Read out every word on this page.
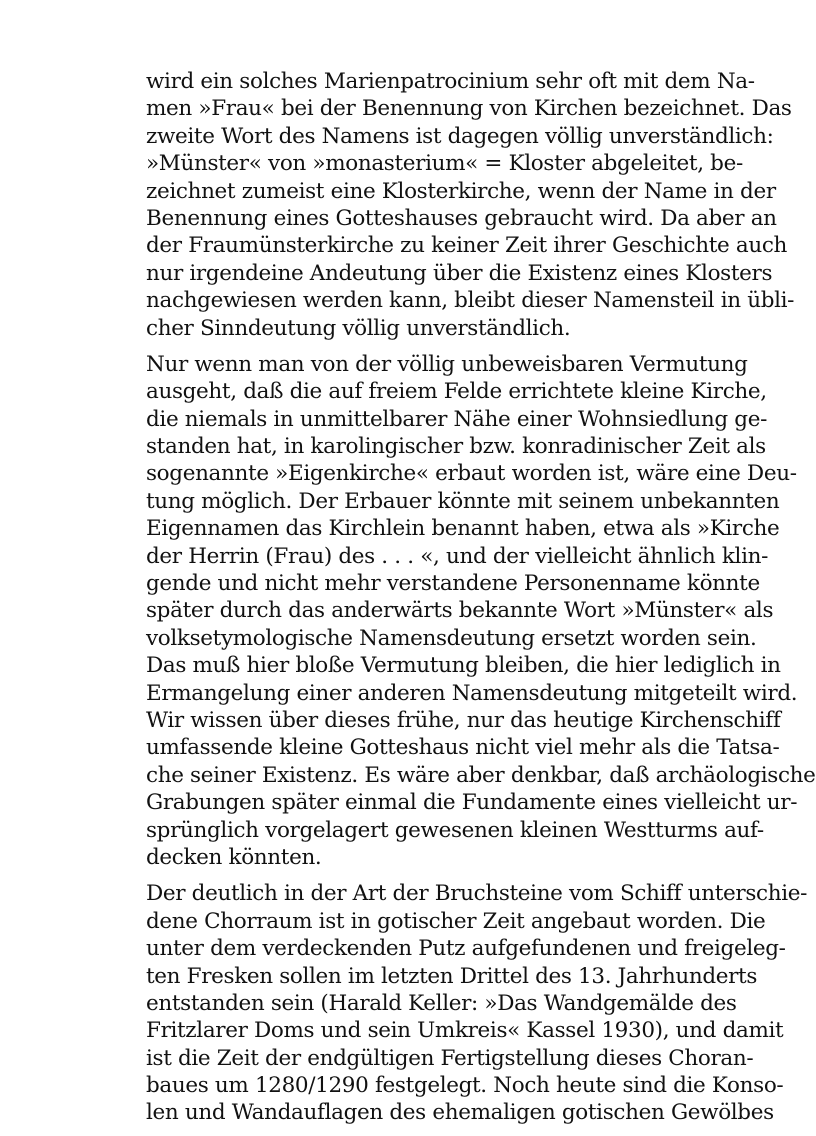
wird ein solches Marienpatrocinium sehr oft mit dem Na-
men »Frau« bei der Benennung von Kirchen bezeichnet. Das
zweite Wort des Namens ist dagegen völlig unverständlich:
»Münster« von »monasterium« = Kloster abgeleitet, be-
zeichnet zumeist eine Klosterkirche, wenn der Name in der
Benennung eines Gotteshauses gebraucht wird. Da aber an
der Fraumünsterkirche zu keiner Zeit ihrer Geschichte auch
nur irgendeine Andeutung über die Existenz eines Klosters
nachgewiesen werden kann, bleibt dieser Namensteil in übli-
cher Sinndeutung völlig unverständlich.

Nur wenn man von der völlig unbeweisbaren Vermutung
ausgeht, daß die auf freiem Felde errichtete kleine Kirche,
die niemals in unmittelbarer Nähe einer Wohnsiedlung ge-
standen hat, in karolingischer bzw. konradinischer Zeit als
sogenannte »Eigenkirche« erbaut worden ist, wäre eine Deu-
tung möglich. Der Erbauer könnte mit seinem unbekannten
Eigennamen das Kirchlein benannt haben, etwa als »Kirche
der Herrin (Frau) des . . . «, und der vielleicht ähnlich klin-
gende und nicht mehr verstandene Personenname könnte
später durch das anderwärts bekannte Wort »Münster« als
volksetymologische Namensdeutung ersetzt worden sein.
Das muß hier bloße Vermutung bleiben, die hier lediglich in
Ermangelung einer anderen Namensdeutung mitgeteilt wird.
Wir wissen über dieses frühe, nur das heutige Kirchenschiff
umfassende kleine Gotteshaus nicht viel mehr als die Tatsa-
che seiner Existenz. Es wäre aber denkbar, daß archäologische
Grabungen später einmal die Fundamente eines vielleicht ur-
sprünglich vorgelagert gewesenen kleinen Westturms auf-
decken könnten.

Der deutlich in der Art der Bruchsteine vom Schiff unterschie-
dene Chorraum ist in gotischer Zeit angebaut worden. Die
unter dem verdeckenden Putz aufgefundenen und freigeleg-
ten Fresken sollen im letzten Drittel des 13. Jahrhunderts
entstanden sein (Harald Keller: »Das Wandgemälde des
Fritzlarer Doms und sein Umkreis« Kassel 1930), und damit
ist die Zeit der endgültigen Fertigstellung dieses Choran-
baues um 1280/1290 festgelegt. Noch heute sind die Konso-
len und Wandauflagen des ehemaligen gotischen Gewölbes
